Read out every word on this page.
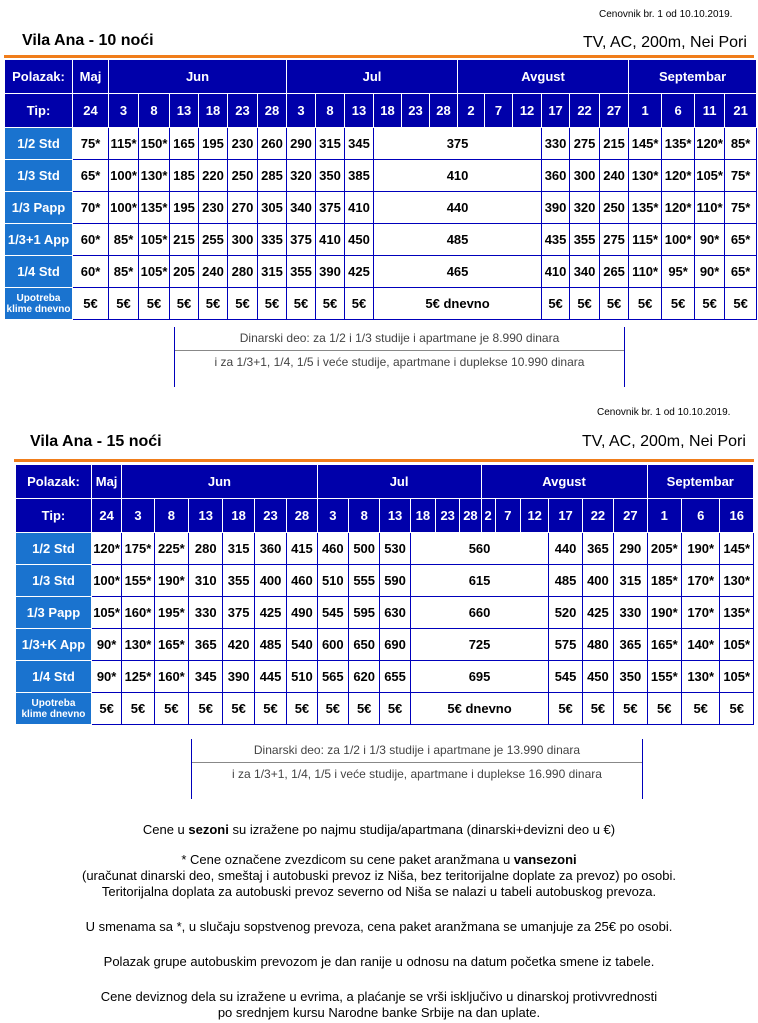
Cenovnik br. 1 od 10.10.2019.
Vila Ana - 10 noći	TV, AC, 200m, Nei Pori
Polazak:	Maj	Jun						Jul						Avgust						Septembar			
Tip:	24	3	8	13	18	23	28	3	8	13	18	23	28	2	7	12	17	22	27	1	6	11	21

1/2 Std	75*	115*	150*	165	195	230	260	290	315	345	375						330	275	215	145*	135*	120*	85*

1/3 Std	65*	100*	130*	185	220	250	285	320	350	385	410						360	300	240	130*	120*	105*	75*

1/3 Papp	70*	100*	135*	195	230	270	305	340	375	410	440						390	320	250	135*	120*	110*	75*

1/3+1 App	60*	85*	105*	215	255	300	335	375	410	450	485						435	355	275	115*	100*	90*	65*

1/4 Std	60*	85*	105*	205	240	280	315	355	390	425	465						410	340	265	110*	95*	90*	65*

Upotreba
klime dnevno	5€	5€	5€	5€	5€	5€	5€	5€	5€	5€	5€ dnevno						5€	5€	5€	5€	5€	5€	5€
Dinarski deo: za 1/2 i 1/3 studije i apartmane je 8.990 dinara
i za 1/3+1, 1/4, 1/5 i veće studije, apartmane i duplekse 10.990 dinara
Cenovnik br. 1 od 10.10.2019.
Vila Ana - 15 noći	TV, AC, 200m, Nei Pori
Polazak:	Maj	Jun						Jul						Avgust						Septembar		
Tip:	24	3	8	13	18	23	28	3	8	13	18	23	28	2	7	12	17	22	27	1	6	16

1/2 Std	120*	175*	225*	280	315	360	415	460	500	530	560						440	365	290	205*	190*	145*

1/3 Std	100*	155*	190*	310	355	400	460	510	555	590	615						485	400	315	185*	170*	130*

1/3 Papp	105*	160*	195*	330	375	425	490	545	595	630	660						520	425	330	190*	170*	135*

1/3+K App	90*	130*	165*	365	420	485	540	600	650	690	725						575	480	365	165*	140*	105*

1/4 Std	90*	125*	160*	345	390	445	510	565	620	655	695						545	450	350	155*	130*	105*

Upotreba
klime dnevno	5€	5€	5€	5€	5€	5€	5€	5€	5€	5€	5€ dnevno						5€	5€	5€	5€	5€	5€
Dinarski deo: za 1/2 i 1/3 studije i apartmane je 13.990 dinara
i za 1/3+1, 1/4, 1/5 i veće studije, apartmane i duplekse 16.990 dinara
Cene u sezoni su izražene po najmu studija/apartmana (dinarski+devizni deo u €)
* Cene označene zvezdicom su cene paket aranžmana u vansezoni
(uračunat dinarski deo, smeštaj i autobuski prevoz iz Niša, bez teritorijalne doplate za prevoz) po osobi.
Teritorijalna doplata za autobuski prevoz severno od Niša se nalazi u tabeli autobuskog prevoza.
U smenama sa *, u slučaju sopstvenog prevoza, cena paket aranžmana se umanjuje za 25€ po osobi.
Polazak grupe autobuskim prevozom je dan ranije u odnosu na datum početka smene iz tabele.
Cene deviznog dela su izražene u evrima, a plaćanje se vrši isključivo u dinarskoj protivvrednosti
po srednjem kursu Narodne banke Srbije na dan uplate.
